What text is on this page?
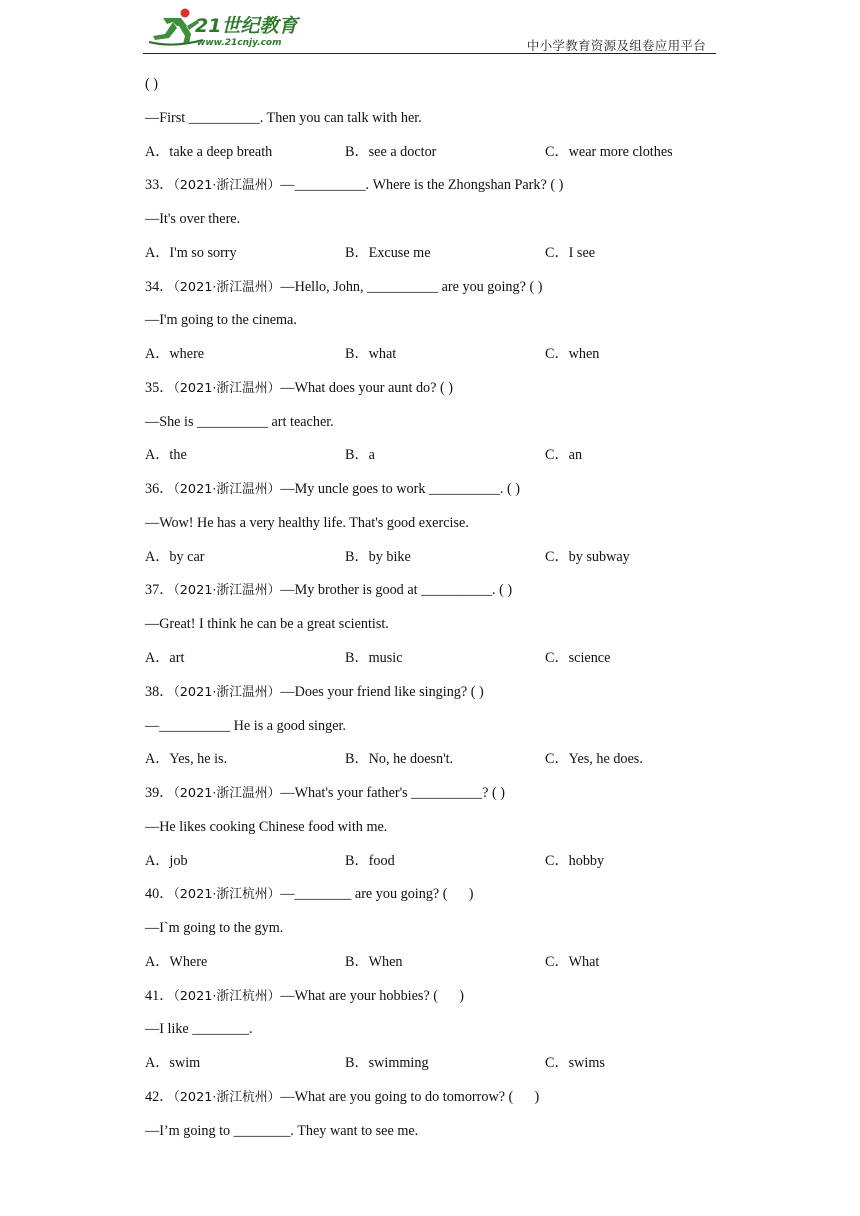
21世纪教育
www.21cnjy.com	中小学教育资源及组卷应用平台
( )
—First __________. Then you can talk with her.
A．take a deep breath	B．see a doctor	C．wear more clothes
33．（2021·浙江温州）—__________. Where is the Zhongshan Park? ( )
—It's over there.
A．I'm so sorry	B．Excuse me	C．I see
34．（2021·浙江温州）—Hello, John, __________ are you going? ( )
—I'm going to the cinema.
A．where	B．what	C．when
35．（2021·浙江温州）—What does your aunt do? ( )
—She is __________ art teacher.
A．the	B．a	C．an
36．（2021·浙江温州）—My uncle goes to work __________. ( )
—Wow! He has a very healthy life. That's good exercise.
A．by car	B．by bike	C．by subway
37．（2021·浙江温州）—My brother is good at __________. ( )
—Great! I think he can be a great scientist.
A．art	B．music	C．science
38．（2021·浙江温州）—Does your friend like singing? ( )
—__________ He is a good singer.
A．Yes, he is.	B．No, he doesn't.	C．Yes, he does.
39．（2021·浙江温州）—What's your father's __________? ( )
—He likes cooking Chinese food with me.
A．job	B．food	C．hobby
40．（2021·浙江杭州）—________ are you going? (      )
—I`m going to the gym.
A．Where	B．When	C．What
41．（2021·浙江杭州）—What are your hobbies? (      )
—I like ________.
A．swim	B．swimming	C．swims
42．（2021·浙江杭州）—What are you going to do tomorrow? (      )
—I’m going to ________. They want to see me.
